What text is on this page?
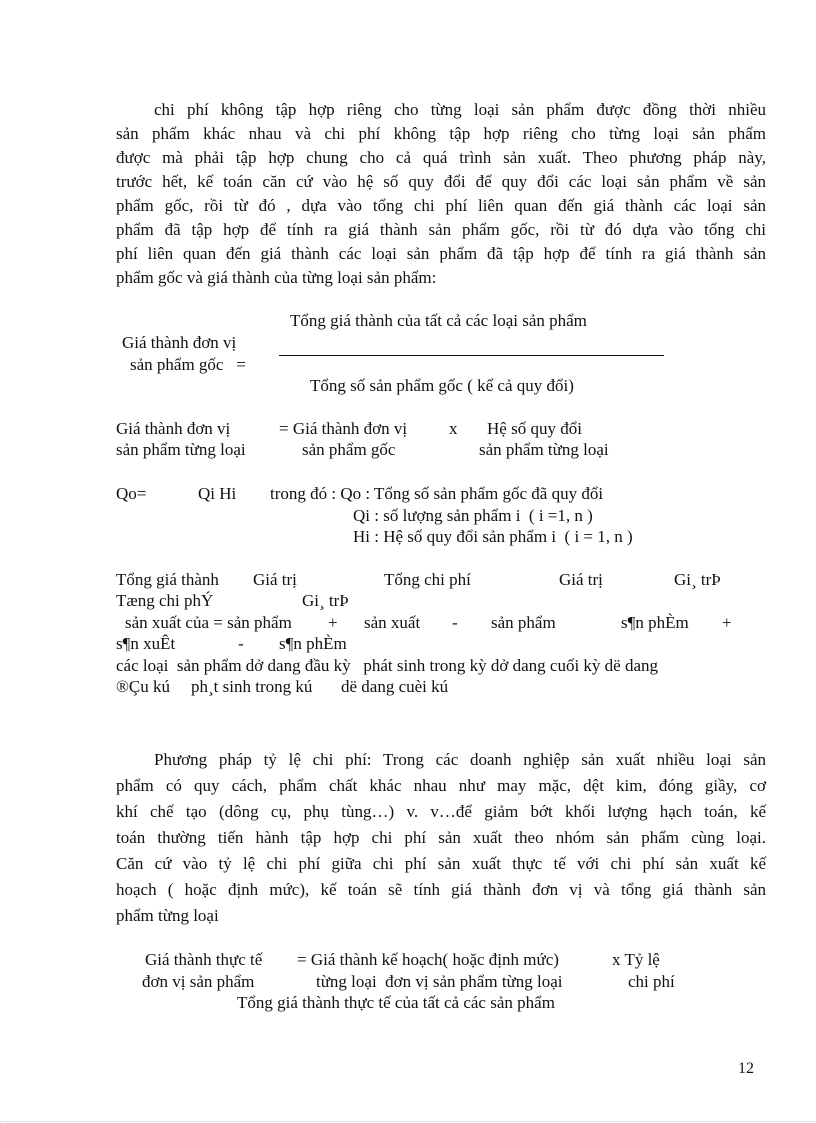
chi phí không tập hợp riêng cho từng loại sản phẩm được đồng thời nhiều
sản phẩm khác nhau và chi phí không tập hợp riêng cho từng loại sản phẩm
được mà phải tập hợp chung cho cả quá trình sản xuất. Theo phương pháp này,
trước hết, kế toán căn cứ vào hệ số quy đổi để quy đổi các loại sản phẩm về sản
phẩm gốc, rồi từ đó , dựa vào tổng chi phí liên quan đến giá thành các loại sản
phẩm đã tập hợp để tính ra giá thành sản phẩm gốc, rồi từ đó dựa vào tổng chi
phí liên quan đến giá thành các loại sản phẩm đã tập hợp để tính ra giá thành sản
phẩm gốc và giá thành của từng loại sản phẩm:
Tổng giá thành của tất cả các loại sản phẩm
Giá thành đơn vị
sản phẩm gốc   =
Tổng số sản phẩm gốc ( kể cả quy đổi)
Giá thành đơn vị	= Giá thành đơn vị x Hệ số quy đổi
sản phẩm từng loại	sản phẩm gốc	sản phẩm từng loại
Qo=	Qi Hi trong đó : Qo : Tổng số sản phẩm gốc đã quy đổi
Qi : số lượng sản phẩm i  ( i =1, n )
Hi : Hệ số quy đổi sản phẩm i  ( i = 1, n )
Tổng giá thành Giá trị	Tổng chi phí	Giá trị	Gi¸ trÞ
Tæng chi phÝ	Gi¸ trÞ
sản xuất của = sản phẩm + sản xuất - sản phẩm	s¶n phÈm +
s¶n xuÊt	- s¶n phÈm
các loại  sản phẩm dở dang đầu kỳ   phát sinh trong kỳ dở dang cuối kỳ dë dang
®Çu kú ph¸t sinh trong kú dë dang cuèi kú
Phương pháp tỷ lệ chi phí: Trong các doanh nghiệp sản xuất nhiều loại sản
phẩm có quy cách, phẩm chất khác nhau như may mặc, dệt kim, đóng giầy, cơ
khí chế tạo (dông cụ, phụ tùng…) v. v…để giảm bớt khối lượng hạch toán, kế
toán thường tiến hành tập hợp chi phí sản xuất theo nhóm sản phẩm cùng loại.
Căn cứ vào tỷ lệ chi phí giữa chi phí sản xuất thực tế với chi phí sản xuất kế
hoạch ( hoặc định mức), kế toán sẽ tính giá thành đơn vị và tổng giá thành sản
phẩm từng loại
Giá thành thực tế = Giá thành kế hoạch( hoặc định mức)	x Tỷ lệ
đơn vị sản phẩm	từng loại  đơn vị sản phẩm từng loại	chi phí
Tổng giá thành thực tế của tất cả các sản phẩm
12
